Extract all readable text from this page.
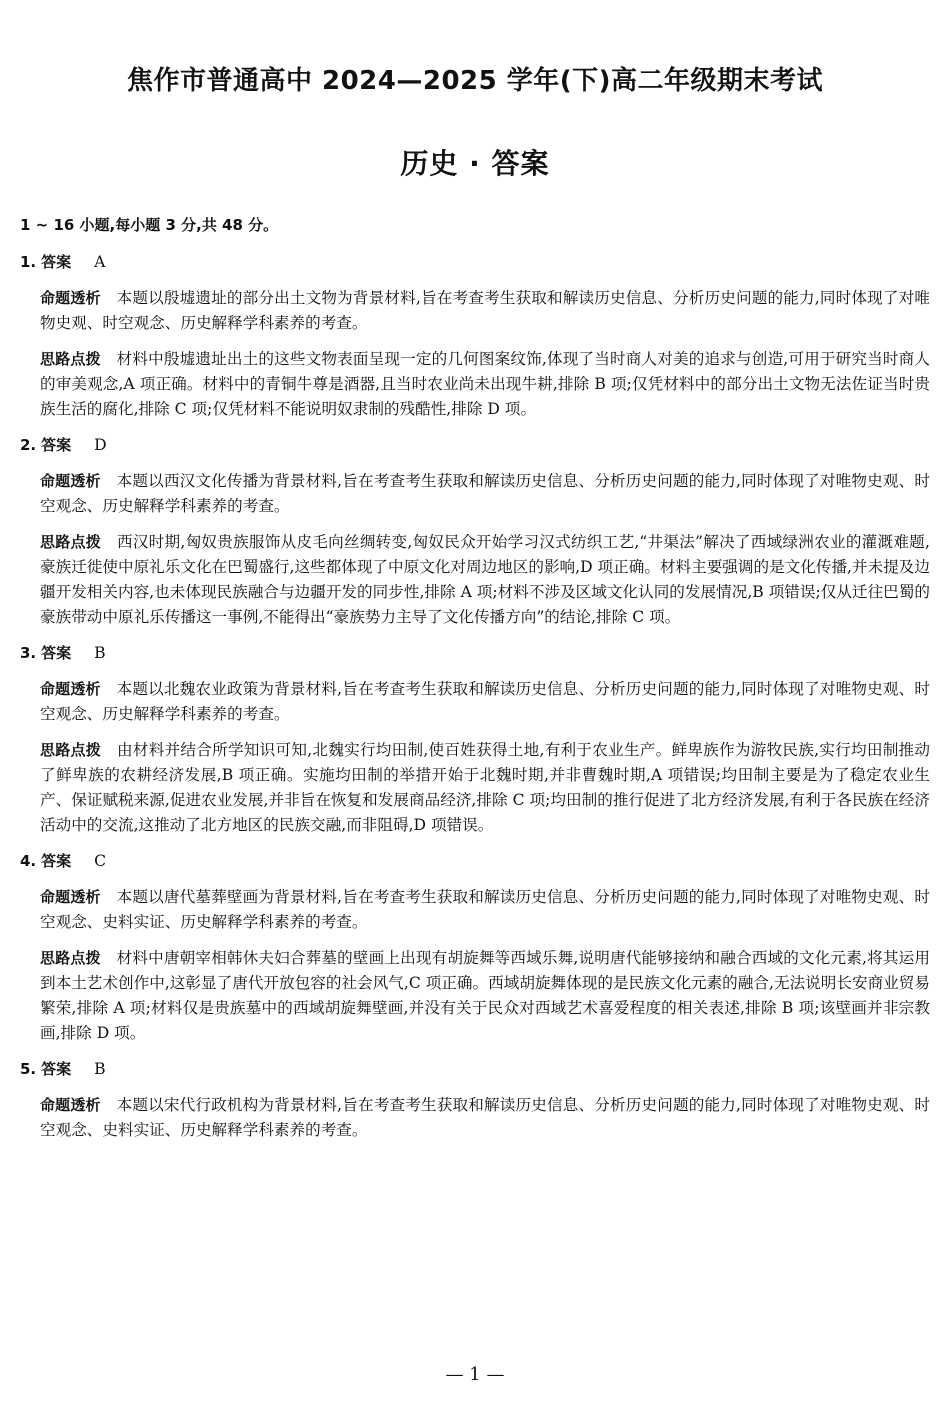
焦作市普通高中 2024—2025 学年(下)高二年级期末考试
历史 · 答案
1 ~ 16 小题,每小题 3 分,共 48 分。
1. 答案 A
命题透析 本题以殷墟遗址的部分出土文物为背景材料,旨在考查考生获取和解读历史信息、分析历史问题的能力,同时体现了对唯物史观、时空观念、历史解释学科素养的考查。
思路点拨 材料中殷墟遗址出土的这些文物表面呈现一定的几何图案纹饰,体现了当时商人对美的追求与创造,可用于研究当时商人的审美观念,A 项正确。材料中的青铜牛尊是酒器,且当时农业尚未出现牛耕,排除 B 项;仅凭材料中的部分出土文物无法佐证当时贵族生活的腐化,排除 C 项;仅凭材料不能说明奴隶制的残酷性,排除 D 项。
2. 答案 D
命题透析 本题以西汉文化传播为背景材料,旨在考查考生获取和解读历史信息、分析历史问题的能力,同时体现了对唯物史观、时空观念、历史解释学科素养的考查。
思路点拨 西汉时期,匈奴贵族服饰从皮毛向丝绸转变,匈奴民众开始学习汉式纺织工艺,“井渠法”解决了西域绿洲农业的灌溉难题,豪族迁徙使中原礼乐文化在巴蜀盛行,这些都体现了中原文化对周边地区的影响,D 项正确。材料主要强调的是文化传播,并未提及边疆开发相关内容,也未体现民族融合与边疆开发的同步性,排除 A 项;材料不涉及区域文化认同的发展情况,B 项错误;仅从迁往巴蜀的豪族带动中原礼乐传播这一事例,不能得出“豪族势力主导了文化传播方向”的结论,排除 C 项。
3. 答案 B
命题透析 本题以北魏农业政策为背景材料,旨在考查考生获取和解读历史信息、分析历史问题的能力,同时体现了对唯物史观、时空观念、历史解释学科素养的考查。
思路点拨 由材料并结合所学知识可知,北魏实行均田制,使百姓获得土地,有利于农业生产。鲜卑族作为游牧民族,实行均田制推动了鲜卑族的农耕经济发展,B 项正确。实施均田制的举措开始于北魏时期,并非曹魏时期,A 项错误;均田制主要是为了稳定农业生产、保证赋税来源,促进农业发展,并非旨在恢复和发展商品经济,排除 C 项;均田制的推行促进了北方经济发展,有利于各民族在经济活动中的交流,这推动了北方地区的民族交融,而非阻碍,D 项错误。
4. 答案 C
命题透析 本题以唐代墓葬壁画为背景材料,旨在考查考生获取和解读历史信息、分析历史问题的能力,同时体现了对唯物史观、时空观念、史料实证、历史解释学科素养的考查。
思路点拨 材料中唐朝宰相韩休夫妇合葬墓的壁画上出现有胡旋舞等西域乐舞,说明唐代能够接纳和融合西域的文化元素,将其运用到本土艺术创作中,这彰显了唐代开放包容的社会风气,C 项正确。西域胡旋舞体现的是民族文化元素的融合,无法说明长安商业贸易繁荣,排除 A 项;材料仅是贵族墓中的西域胡旋舞壁画,并没有关于民众对西域艺术喜爱程度的相关表述,排除 B 项;该壁画并非宗教画,排除 D 项。
5. 答案 B
命题透析 本题以宋代行政机构为背景材料,旨在考查考生获取和解读历史信息、分析历史问题的能力,同时体现了对唯物史观、时空观念、史料实证、历史解释学科素养的考查。
— 1 —
